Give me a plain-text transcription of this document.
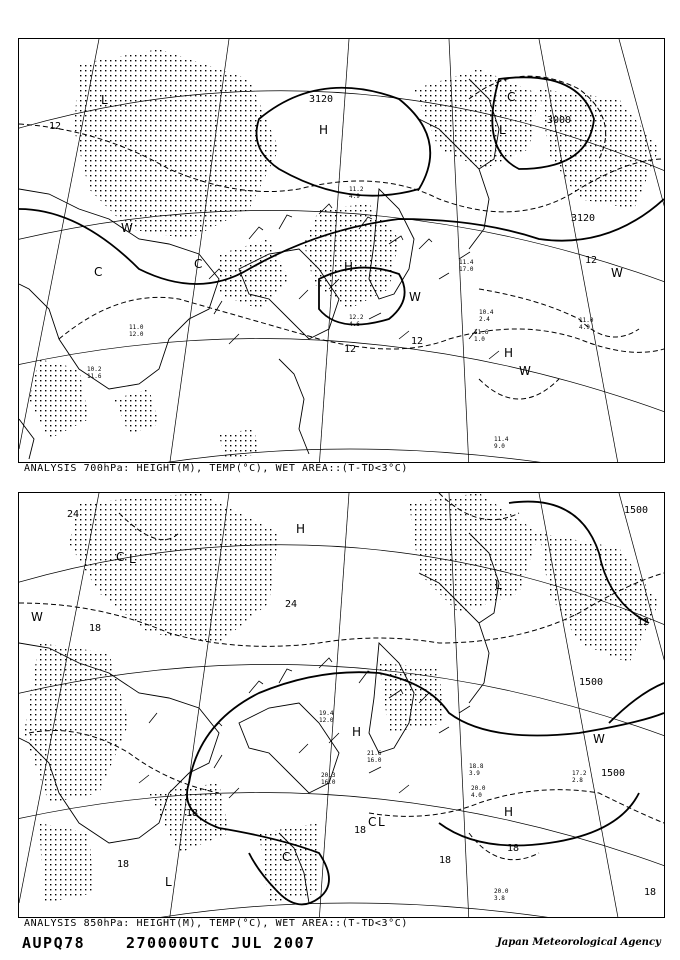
3120
3000
3120
12
12
12
12
H
H
H
L
L
W
W
W
W
C
C
C
12.2
4.6
11.2
4.9
10.4
2.4
11.6
1.0
11.0
4.9
11.4
17.0
11.0
12.0
10.2
11.6
11.4
9.0
ANALYSIS 700hPa: HEIGHT(M), TEMP(°C), WET AREA::(T-TD<3°C)
1500
1500
1500
24
24
18
18
18
18
18
18
18
12
H
H
H
L
L
L
L
W
W
C
C
C
18.8
3.9
20.0
4.0
17.2
2.8
20.0
3.8
19.4
12.0
20.3
16.0
21.6
16.0
ANALYSIS 850hPa: HEIGHT(M), TEMP(°C), WET AREA::(T-TD<3°C)
AUPQ78	270000UTC JUL 2007	Japan Meteorological Agency
